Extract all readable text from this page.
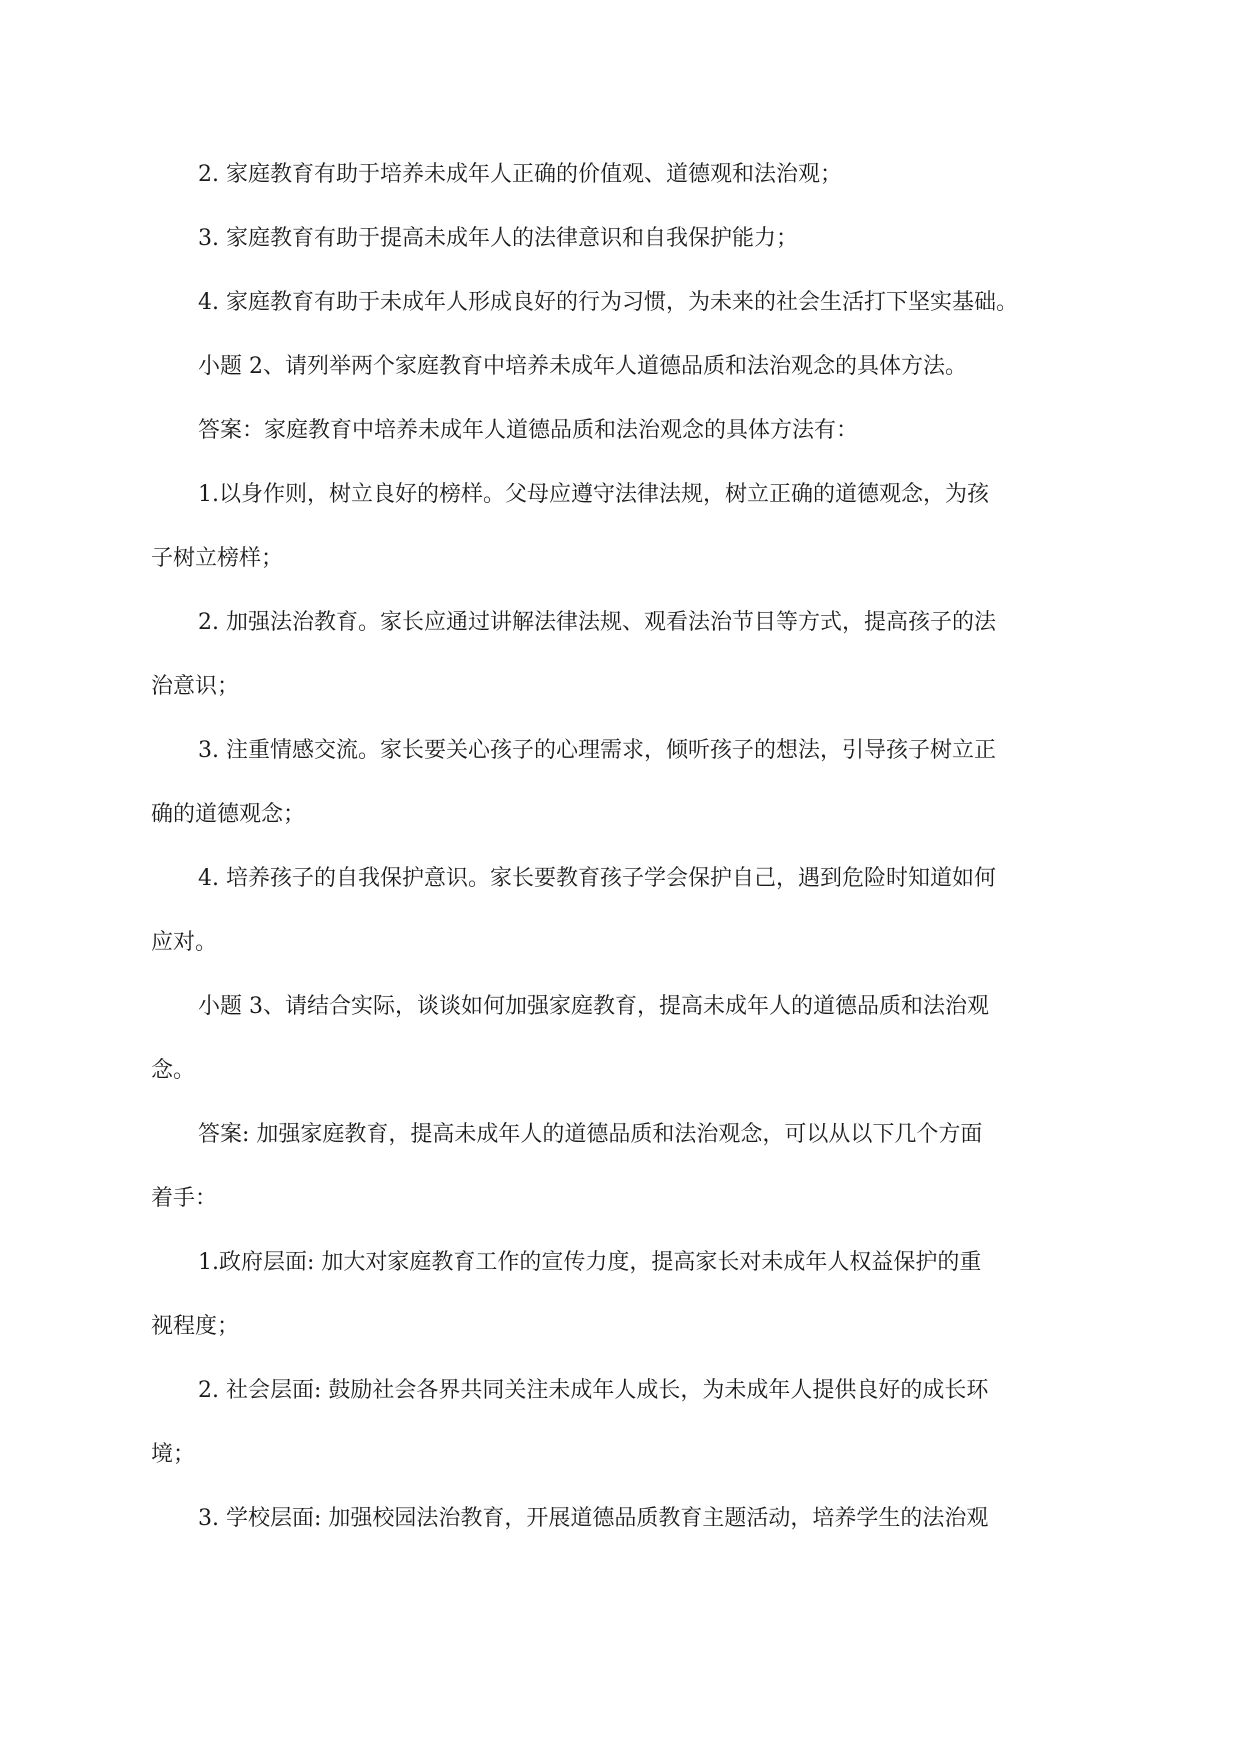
2. 家庭教育有助于培养未成年人正确的价值观、道德观和法治观；

3. 家庭教育有助于提高未成年人的法律意识和自我保护能力；

4. 家庭教育有助于未成年人形成良好的行为习惯，为未来的社会生活打下坚实基础。

小题 2、请列举两个家庭教育中培养未成年人道德品质和法治观念的具体方法。

答案：家庭教育中培养未成年人道德品质和法治观念的具体方法有：

1.以身作则，树立良好的榜样。父母应遵守法律法规，树立正确的道德观念，为孩
子树立榜样；

2. 加强法治教育。家长应通过讲解法律法规、观看法治节目等方式，提高孩子的法
治意识；

3. 注重情感交流。家长要关心孩子的心理需求，倾听孩子的想法，引导孩子树立正
确的道德观念；

4. 培养孩子的自我保护意识。家长要教育孩子学会保护自己，遇到危险时知道如何
应对。

小题 3、请结合实际，谈谈如何加强家庭教育，提高未成年人的道德品质和法治观
念。

答案: 加强家庭教育，提高未成年人的道德品质和法治观念，可以从以下几个方面
着手：

1.政府层面: 加大对家庭教育工作的宣传力度，提高家长对未成年人权益保护的重
视程度；

2. 社会层面: 鼓励社会各界共同关注未成年人成长，为未成年人提供良好的成长环
境；

3. 学校层面: 加强校园法治教育，开展道德品质教育主题活动，培养学生的法治观
